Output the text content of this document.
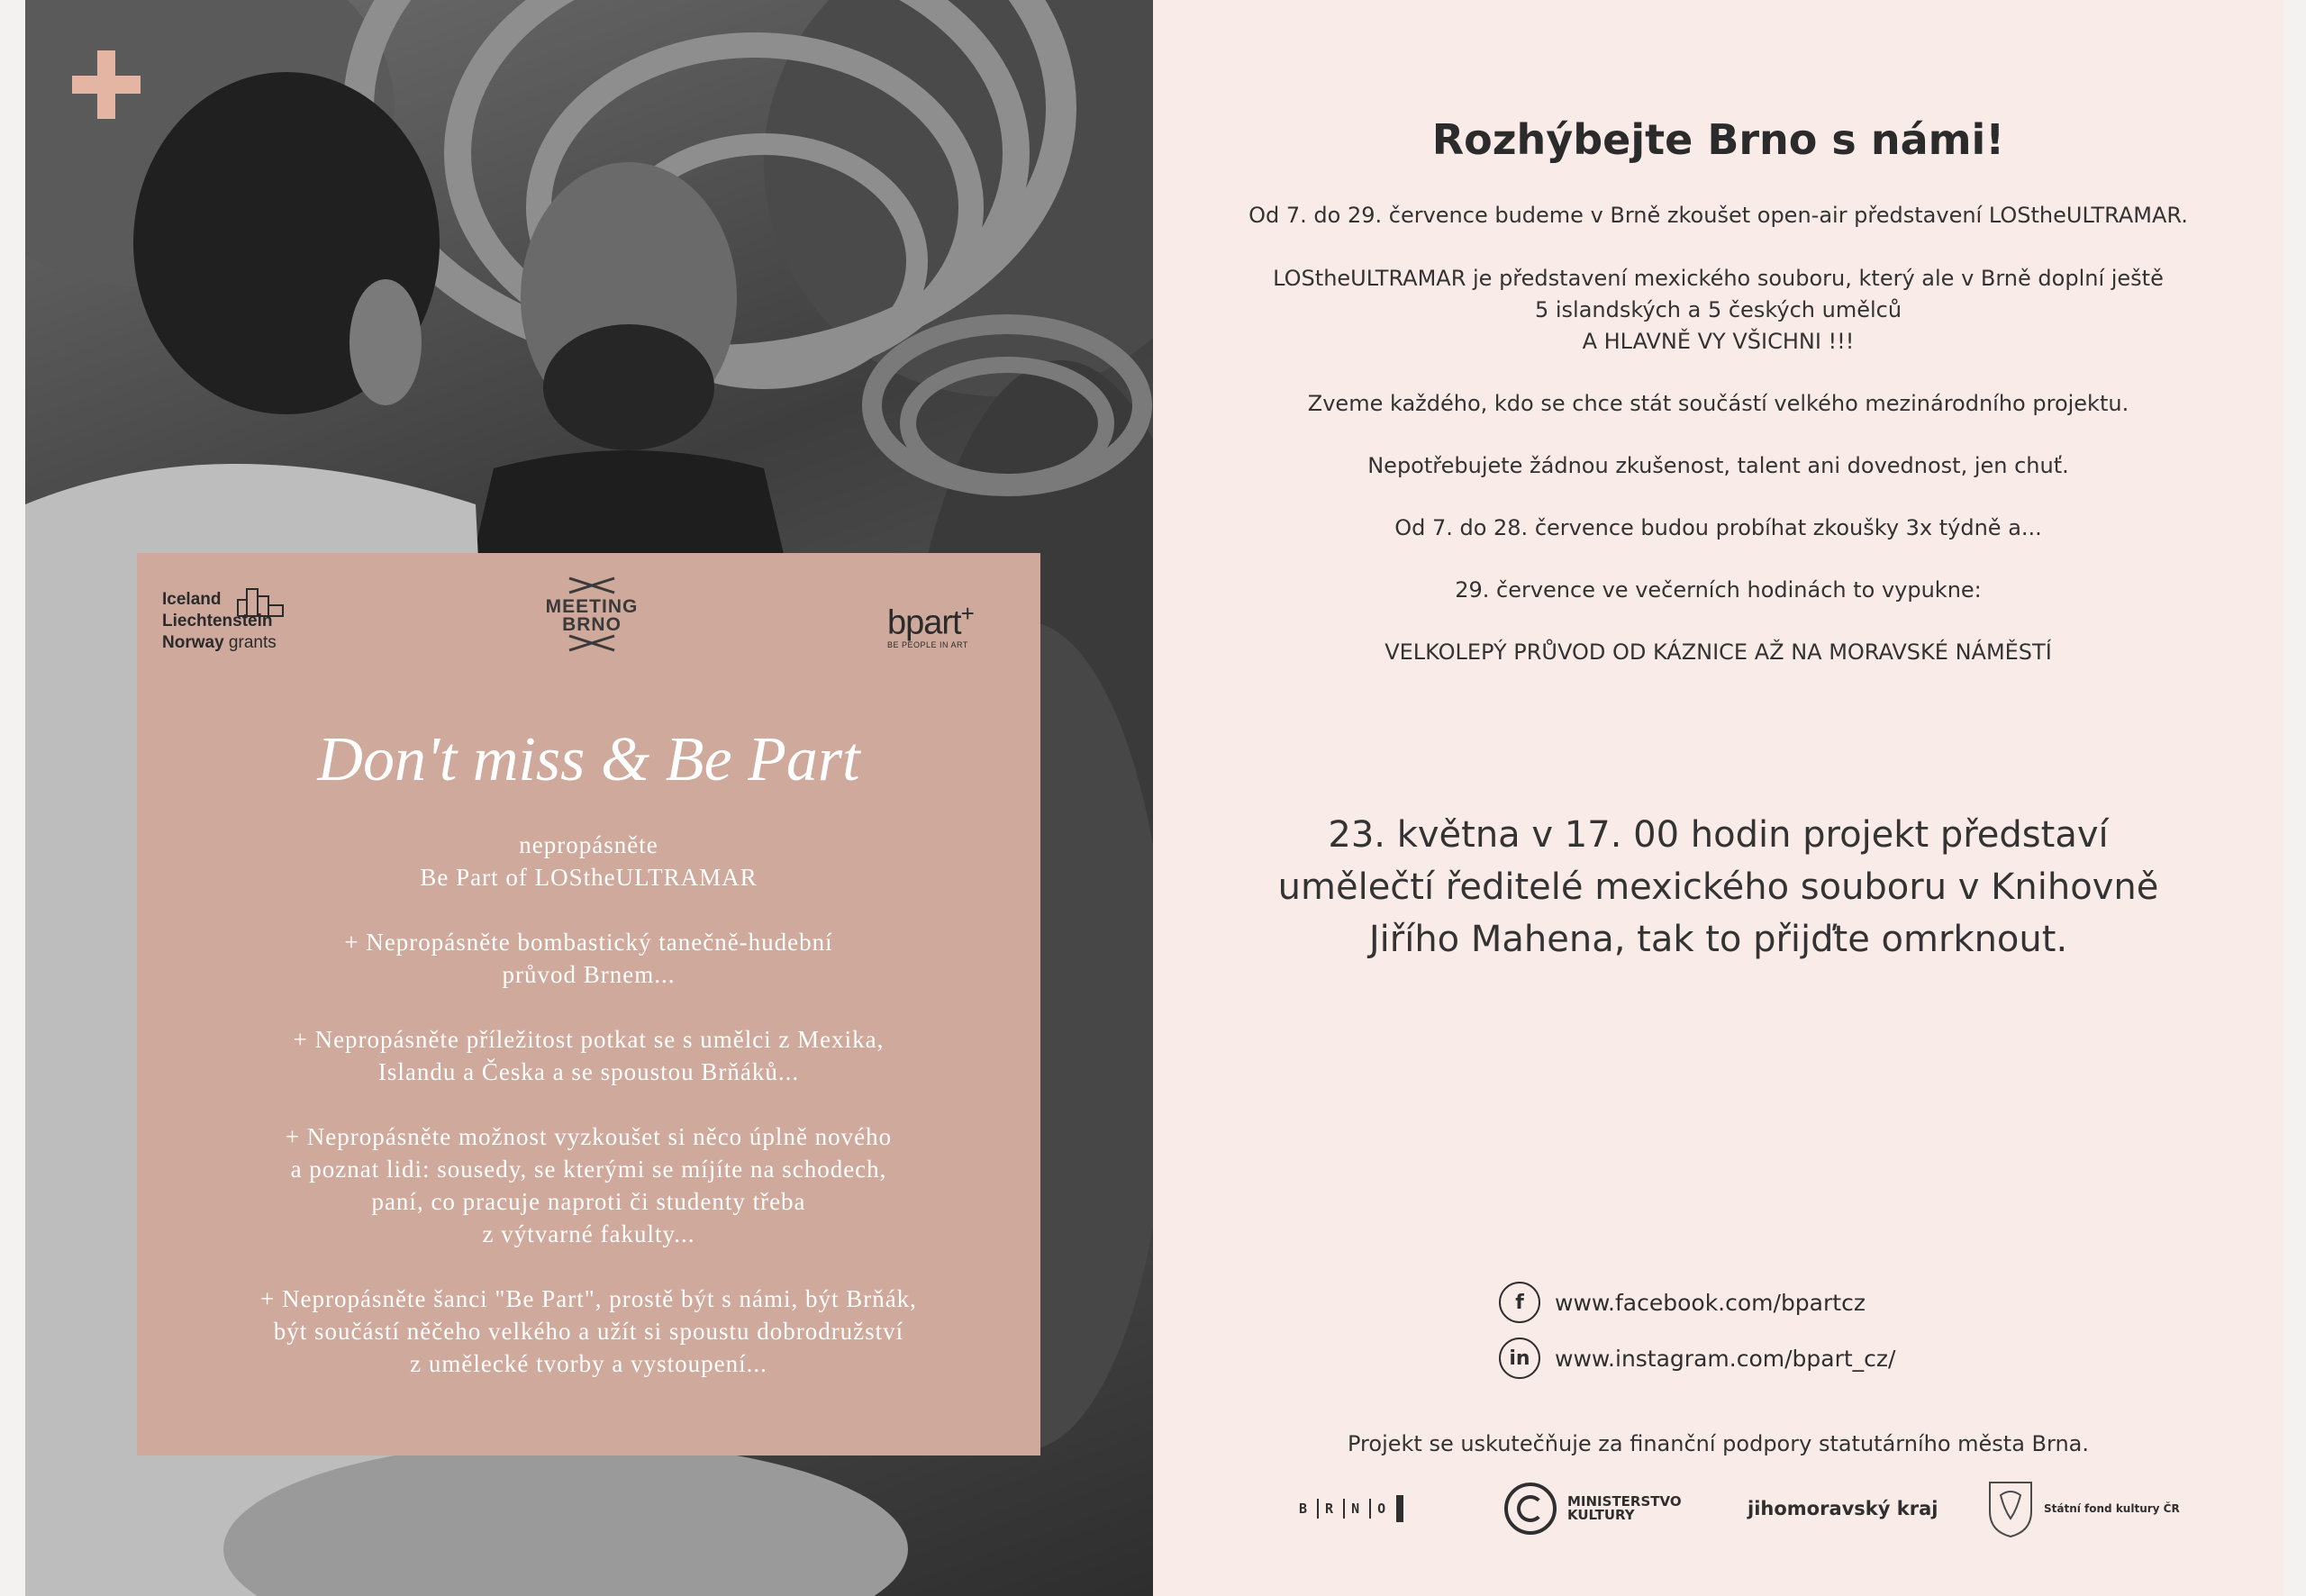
Iceland
Liechtenstein
Norway grants
MEETING
BRNO	bpart+
BE PEOPLE IN ART
Don't miss & Be Part

nepropásněte
Be Part of LOStheULTRAMAR

+ Nepropásněte bombastický tanečně-hudební
průvod Brnem...

+ Nepropásněte příležitost potkat se s umělci z Mexika,
Islandu a Česka a se spoustou Brňáků...

+ Nepropásněte možnost vyzkoušet si něco úplně nového
a poznat lidi: sousedy, se kterými se míjíte na schodech,
paní, co pracuje naproti či studenty třeba
z výtvarné fakulty...

+ Nepropásněte šanci "Be Part", prostě být s námi, být Brňák,
být součástí něčeho velkého a užít si spoustu dobrodružství
z umělecké tvorby a vystoupení...

Rozhýbejte Brno s námi!
Od 7. do 29. července budeme v Brně zkoušet open-air představení LOStheULTRAMAR.
LOStheULTRAMAR je představení mexického souboru, který ale v Brně doplní ještě
5 islandských a 5 českých umělců
A HLAVNĚ VY VŠICHNI !!!
Zveme každého, kdo se chce stát součástí velkého mezinárodního projektu.
Nepotřebujete žádnou zkušenost, talent ani dovednost, jen chuť.
Od 7. do 28. července budou probíhat zkoušky 3x týdně a...
29. července ve večerních hodinách to vypukne:
VELKOLEPÝ PRŮVOD OD KÁZNICE AŽ NA MORAVSKÉ NÁMĚSTÍ
23. května v 17. 00 hodin projekt představí
umělečtí ředitelé mexického souboru v Knihovně
Jiřího Mahena, tak to přijďte omrknout.
f	www.facebook.com/bpartcz
in	www.instagram.com/bpart_cz/
Projekt se uskutečňuje za finanční podpory statutárního města Brna.
B R N O	MINISTERSTVO
KULTURY	jihomoravský kraj	Státní fond kultury ČR
